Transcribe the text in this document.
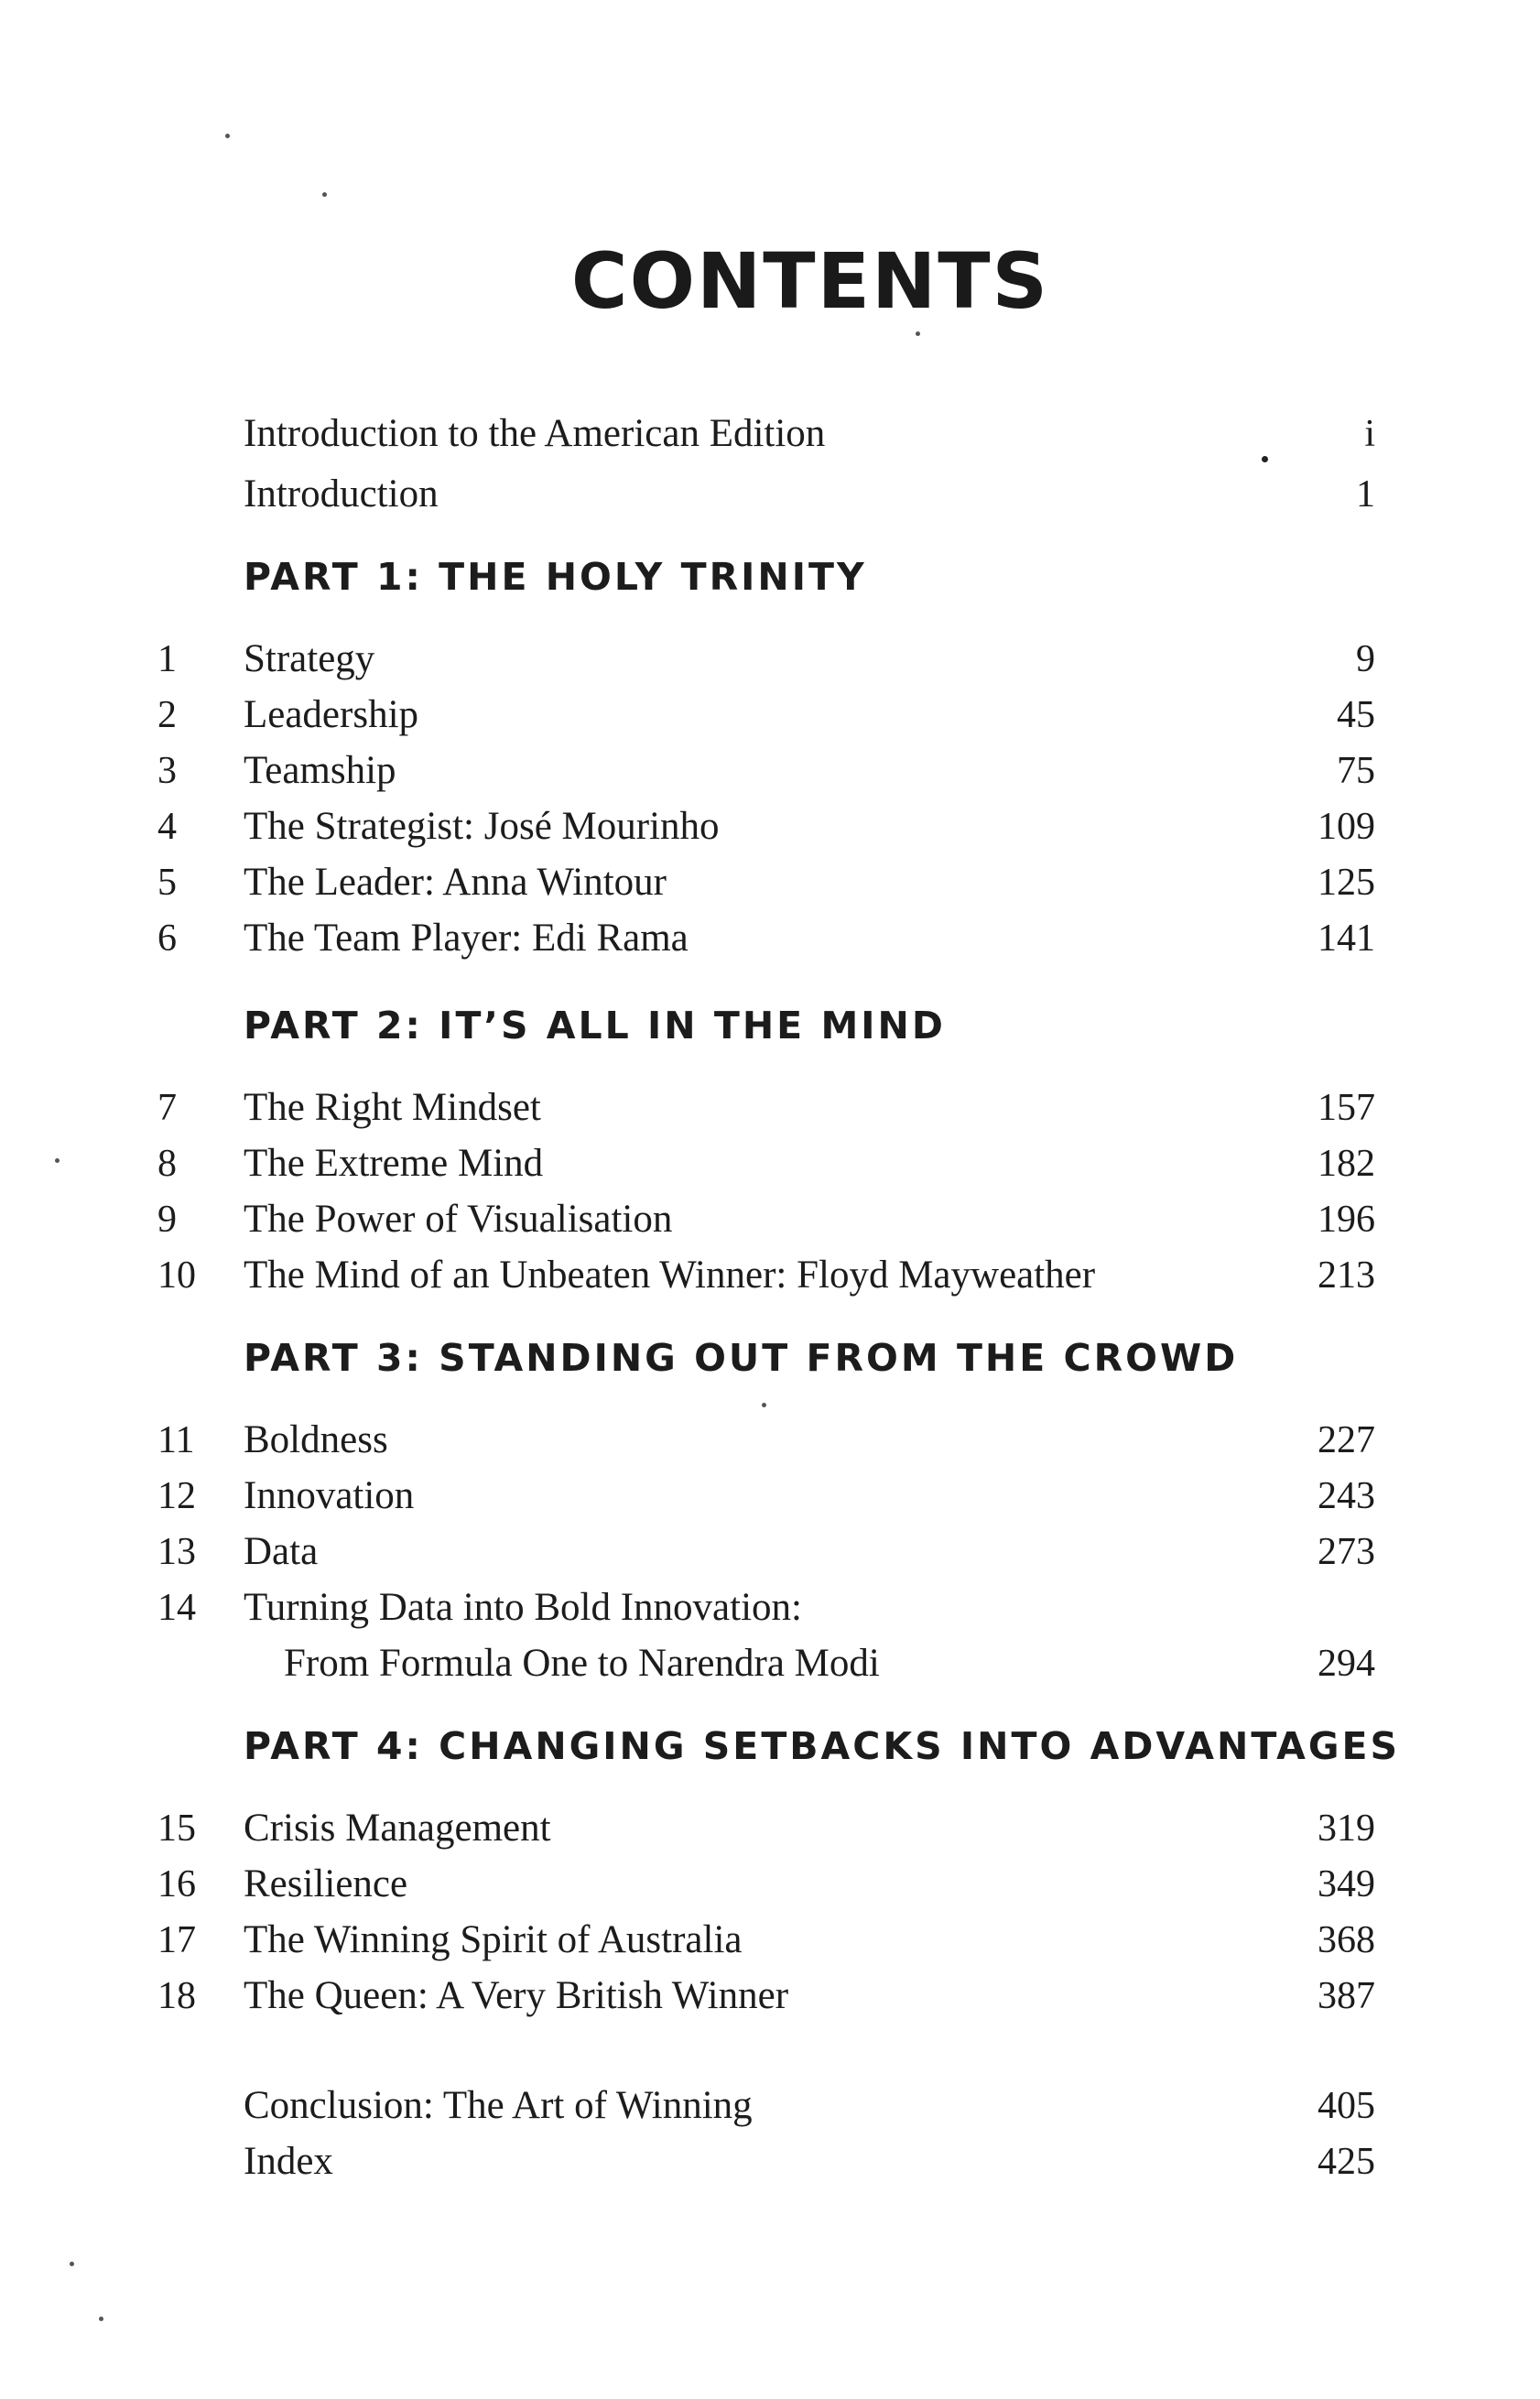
CONTENTS
Introduction to the American Edition	i
Introduction	1
PART 1: THE HOLY TRINITY
1 Strategy	9
2 Leadership	45
3 Teamship	75
4 The Strategist: José Mourinho	109
5 The Leader: Anna Wintour	125
6 The Team Player: Edi Rama	141
PART 2: IT’S ALL IN THE MIND
7 The Right Mindset	157
8 The Extreme Mind	182
9 The Power of Visualisation	196
10 The Mind of an Unbeaten Winner: Floyd Mayweather	213
PART 3: STANDING OUT FROM THE CROWD
11 Boldness	227
12 Innovation	243
13 Data	273
14 Turning Data into Bold Innovation:
From Formula One to Narendra Modi	294
PART 4: CHANGING SETBACKS INTO ADVANTAGES
15 Crisis Management	319
16 Resilience	349
17 The Winning Spirit of Australia	368
18 The Queen: A Very British Winner	387
Conclusion: The Art of Winning	405
Index	425
